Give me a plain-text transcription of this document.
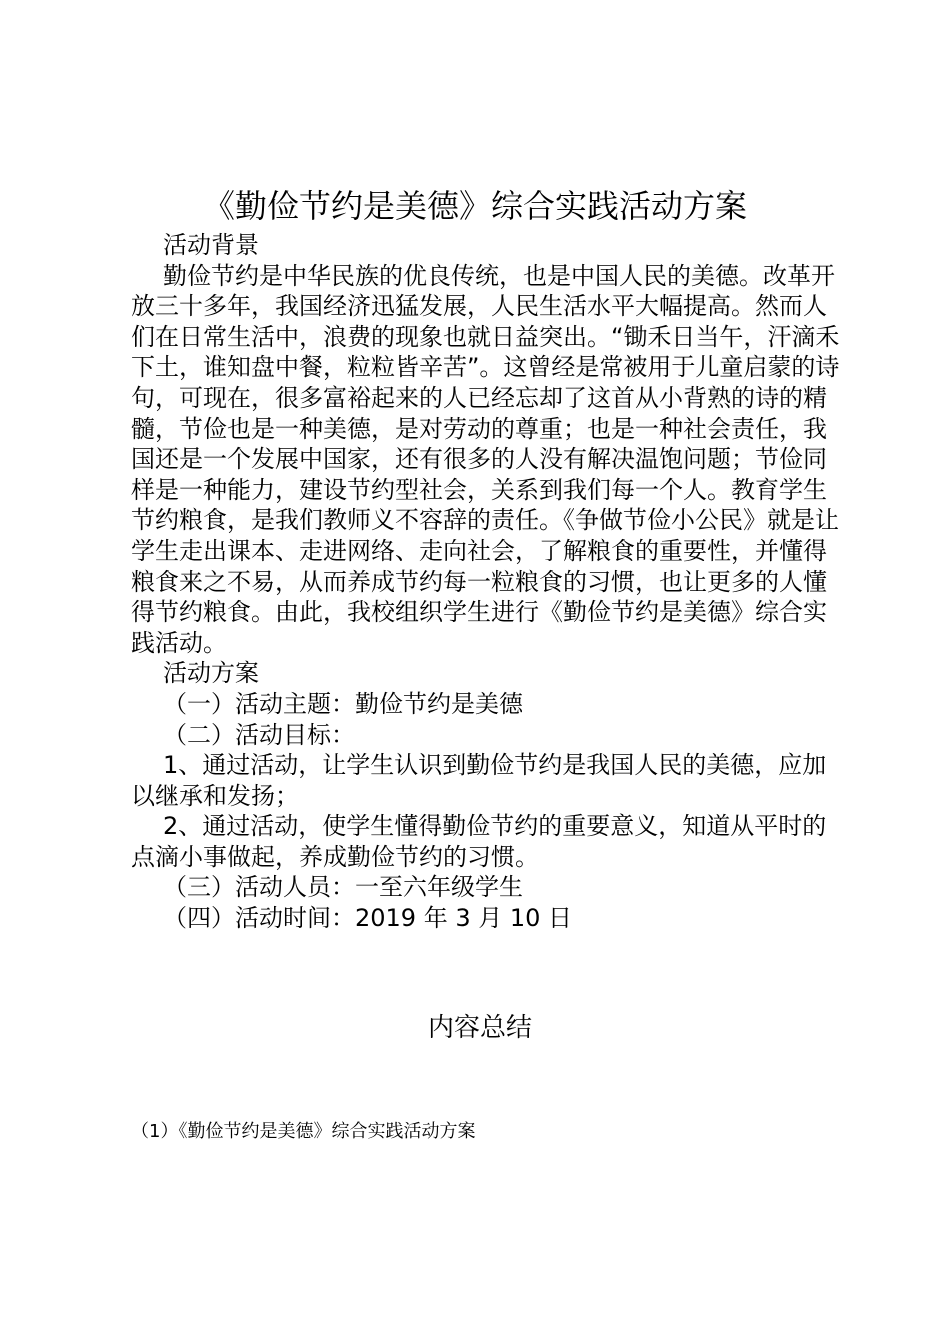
《勤俭节约是美德》综合实践活动方案

活动背景

勤俭节约是中华民族的优良传统，也是中国人民的美德。改革开放三十多年，我国经济迅猛发展，人民生活水平大幅提高。然而人们在日常生活中，浪费的现象也就日益突出。“锄禾日当午，汗滴禾下土，谁知盘中餐，粒粒皆辛苦”。这曾经是常被用于儿童启蒙的诗句，可现在，很多富裕起来的人已经忘却了这首从小背熟的诗的精髓，节俭也是一种美德，是对劳动的尊重；也是一种社会责任，我国还是一个发展中国家，还有很多的人没有解决温饱问题；节俭同样是一种能力，建设节约型社会，关系到我们每一个人。教育学生节约粮食，是我们教师义不容辞的责任。《争做节俭小公民》就是让学生走出课本、走进网络、走向社会，了解粮食的重要性，并懂得粮食来之不易，从而养成节约每一粒粮食的习惯，也让更多的人懂得节约粮食。由此，我校组织学生进行《勤俭节约是美德》综合实践活动。

活动方案

（一）活动主题：勤俭节约是美德

（二）活动目标：

1、通过活动，让学生认识到勤俭节约是我国人民的美德，应加以继承和发扬；

2、通过活动，使学生懂得勤俭节约的重要意义，知道从平时的点滴小事做起，养成勤俭节约的习惯。

（三）活动人员：一至六年级学生

（四）活动时间：2019 年 3 月 10 日

内容总结

（1）《勤俭节约是美德》综合实践活动方案
